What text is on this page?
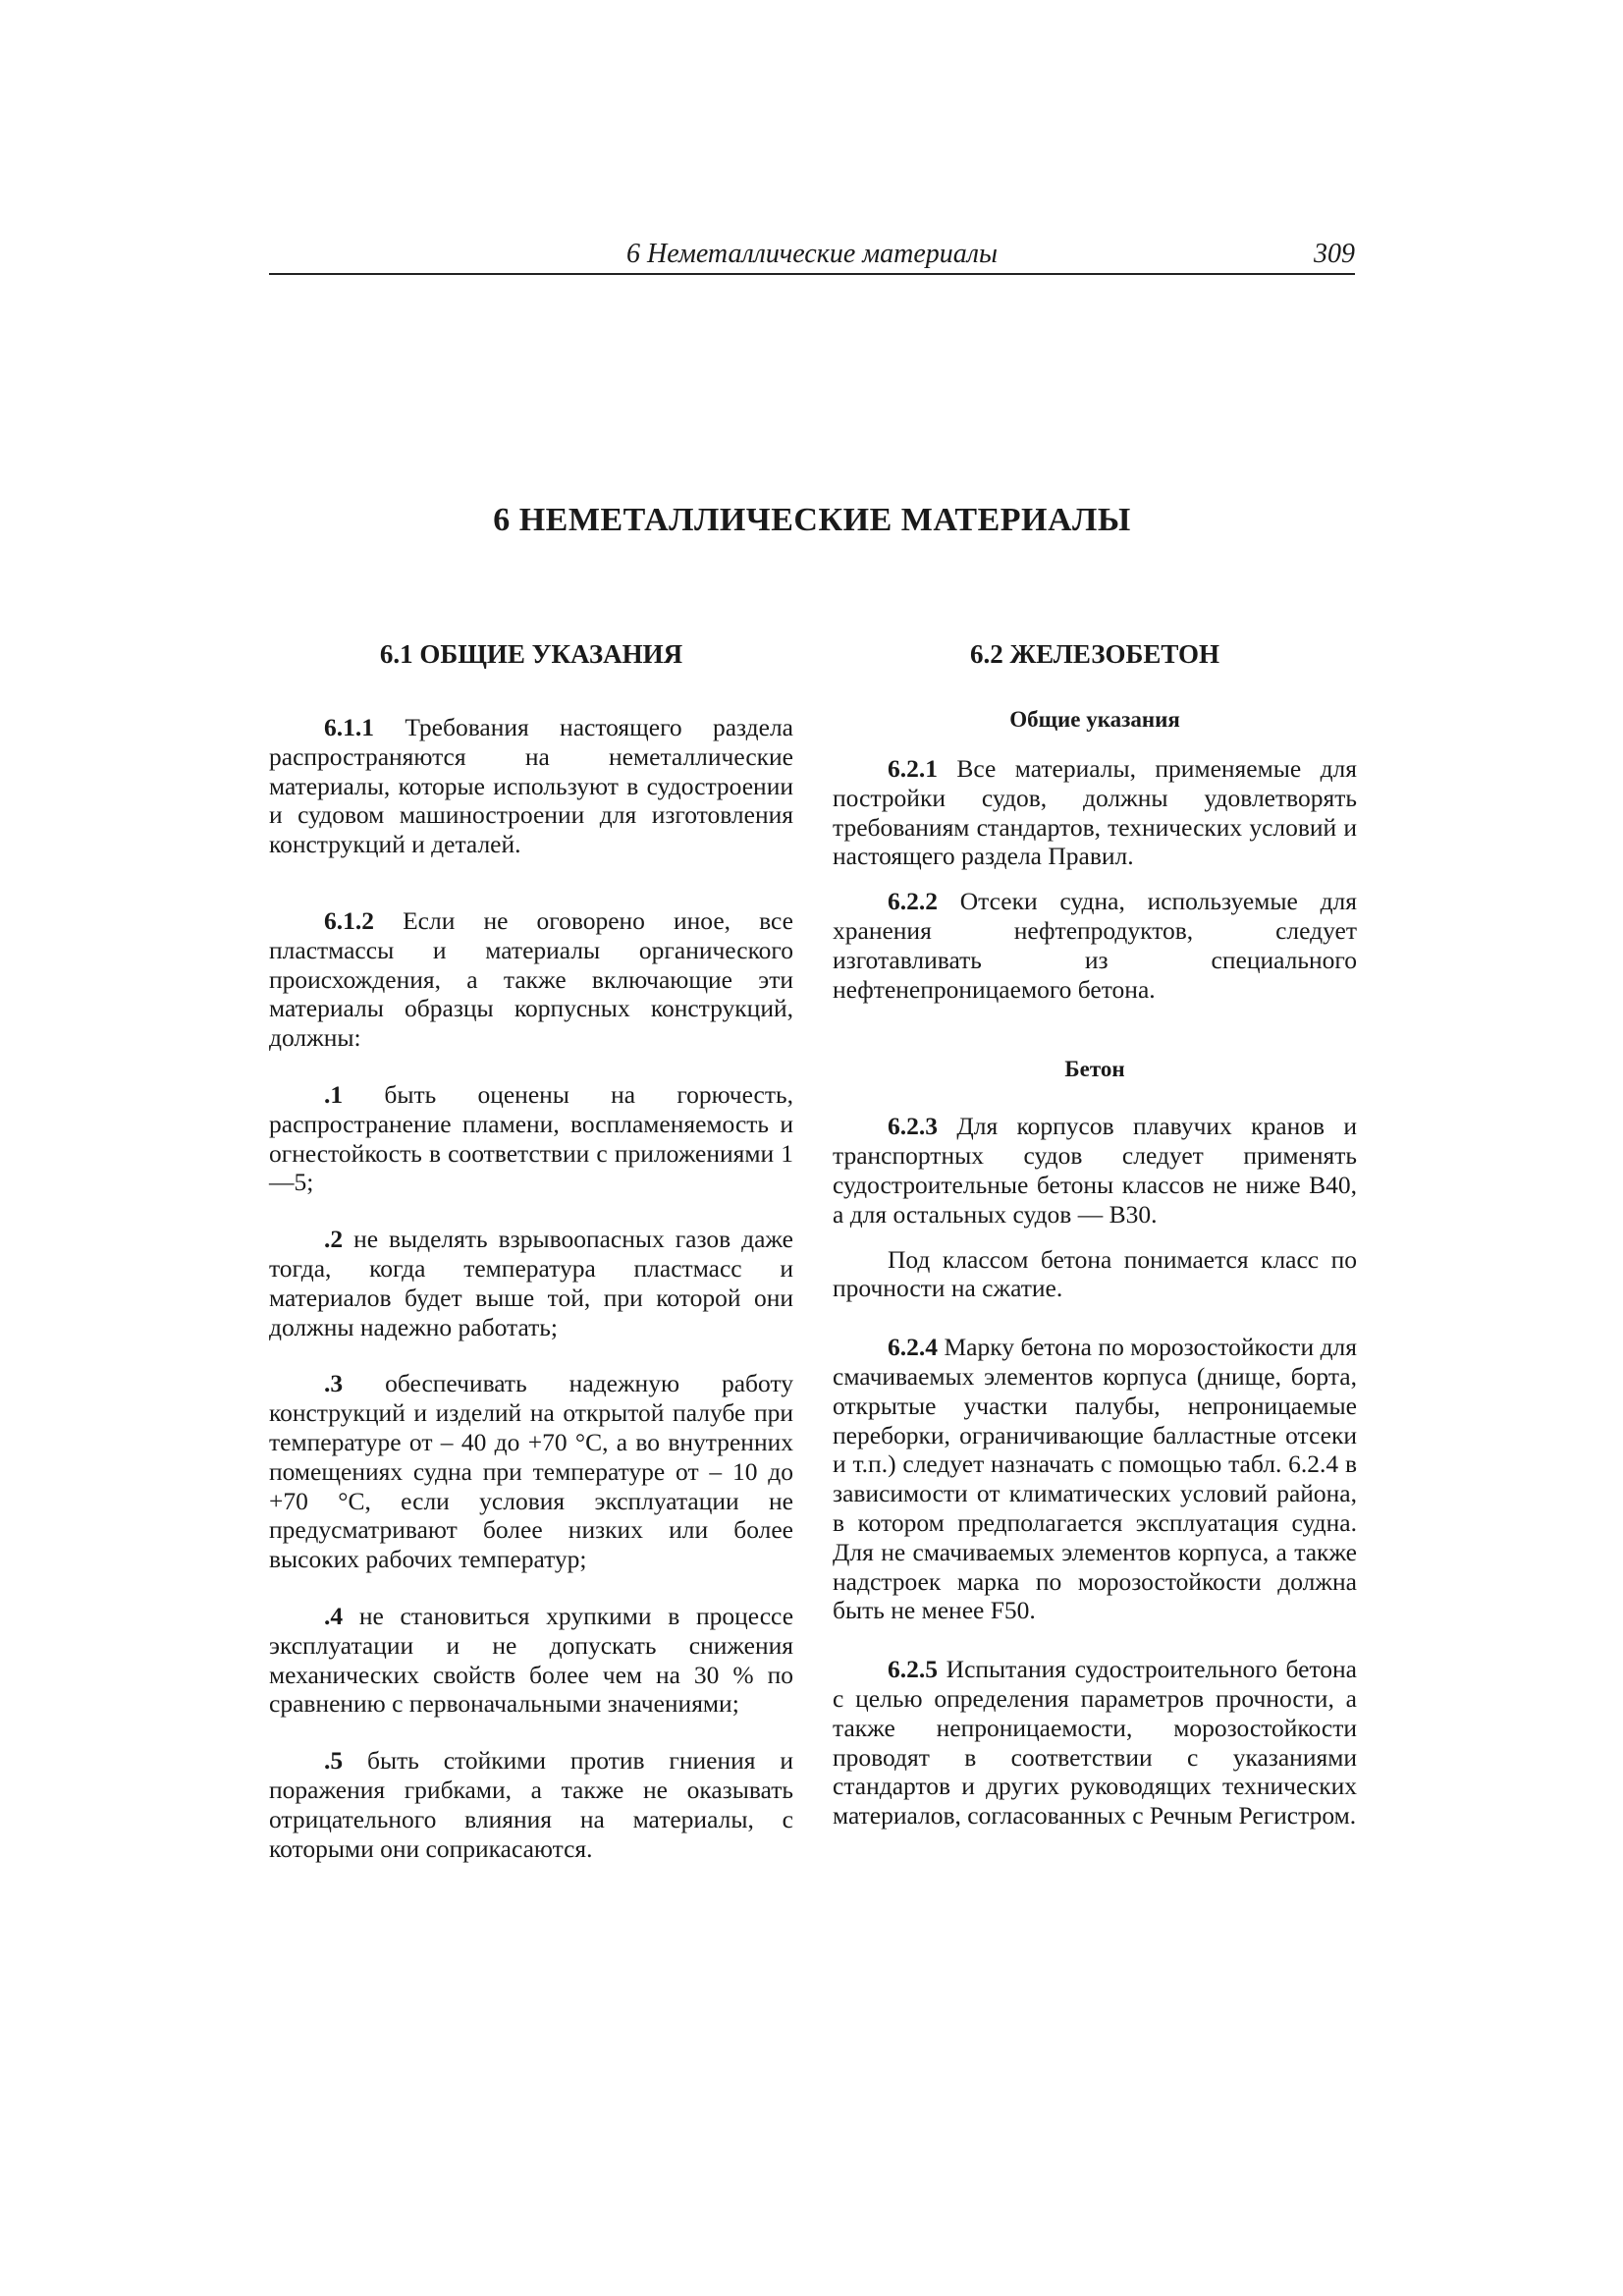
6 Неметаллические материалы	309
6 НЕМЕТАЛЛИЧЕСКИЕ МАТЕРИАЛЫ
6.1 ОБЩИЕ УКАЗАНИЯ

6.1.1 Требования настоящего раздела распространяются на неметаллические материалы, которые используют в судостроении и судовом машиностроении для изготовления конструкций и деталей.

6.1.2 Если не оговорено иное, все пластмассы и материалы органического происхождения, а также включающие эти материалы образцы корпусных конструкций, должны:

.1 быть оценены на горючесть, распространение пламени, воспламеняемость и огнестойкость в соответствии с приложениями 1—5;

.2 не выделять взрывоопасных газов даже тогда, когда температура пластмасс и материалов будет выше той, при которой они должны надежно работать;

.3 обеспечивать надежную работу конструкций и изделий на открытой палубе при температуре от – 40 до +70 °С, а во внутренних помещениях судна при температуре от – 10 до +70 °С, если условия эксплуатации не предусматривают более низких или более высоких рабочих температур;

.4 не становиться хрупкими в процессе эксплуатации и не допускать снижения механических свойств более чем на 30 % по сравнению с первоначальными значениями;

.5 быть стойкими против гниения и поражения грибками, а также не оказывать отрицательного влияния на материалы, с которыми они соприкасаются.

6.2 ЖЕЛЕЗОБЕТОН
Общие указания

6.2.1 Все материалы, применяемые для постройки судов, должны удовлетворять требованиям стандартов, технических условий и настоящего раздела Правил.

6.2.2 Отсеки судна, используемые для хранения нефтепродуктов, следует изготавливать из специального нефтенепроницаемого бетона.

Бетон

6.2.3 Для корпусов плавучих кранов и транспортных судов следует применять судостроительные бетоны классов не ниже В40, а для остальных судов — В30.

Под классом бетона понимается класс по прочности на сжатие.

6.2.4 Марку бетона по морозостойкости для смачиваемых элементов корпуса (днище, борта, открытые участки палубы, непроницаемые переборки, ограничивающие балластные отсеки и т.п.) следует назначать с помощью табл. 6.2.4 в зависимости от климатических условий района, в котором предполагается эксплуатация судна. Для не смачиваемых элементов корпуса, а также надстроек марка по морозостойкости должна быть не менее F50.

6.2.5 Испытания судостроительного бетона с целью определения параметров прочности, а также непроницаемости, морозостойкости проводят в соответствии с указаниями стандартов и других руководящих технических материалов, согласованных с Речным Регистром.
